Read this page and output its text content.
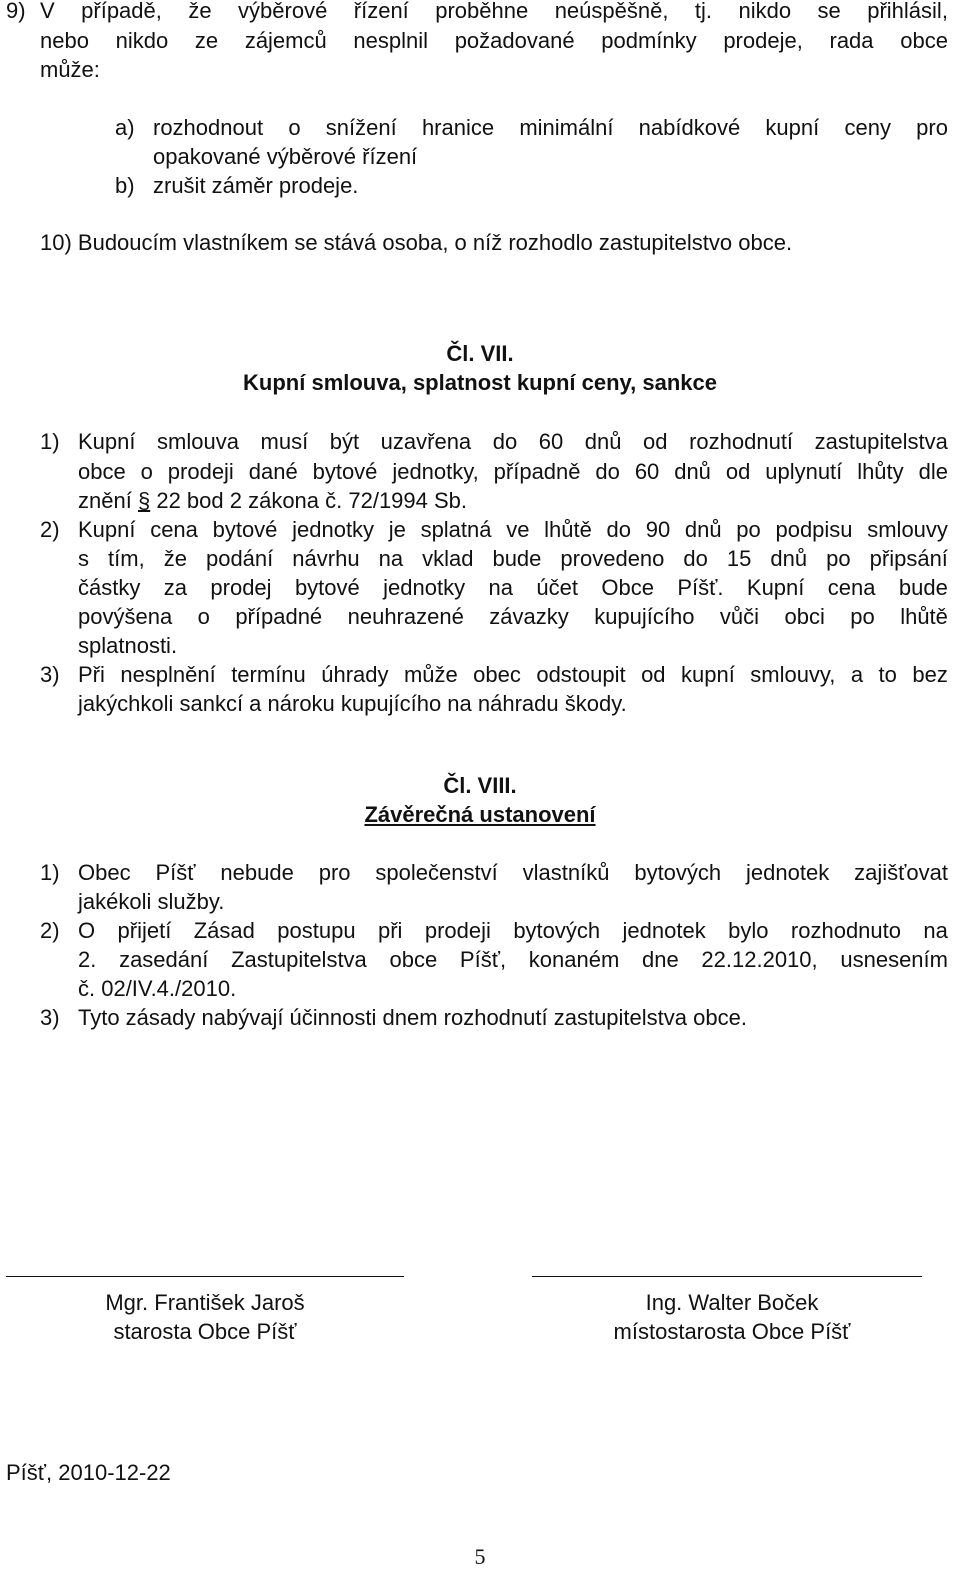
9) V případě, že výběrové řízení proběhne neúspěšně, tj. nikdo se přihlásil,
nebo nikdo ze zájemců nesplnil požadované podmínky prodeje, rada obce
může:
a) rozhodnout o snížení hranice minimální nabídkové kupní ceny pro
opakované výběrové řízení
b) zrušit záměr prodeje.
10) Budoucím vlastníkem se stává osoba, o níž rozhodlo zastupitelstvo obce.
Čl. VII.
Kupní smlouva, splatnost kupní ceny, sankce
1) Kupní smlouva musí být uzavřena do 60 dnů od rozhodnutí zastupitelstva
obce o prodeji dané bytové jednotky, případně do 60 dnů od uplynutí lhůty dle
znění § 22 bod 2 zákona č. 72/1994 Sb.
2) Kupní cena bytové jednotky je splatná ve lhůtě do 90 dnů po podpisu smlouvy
s tím, že podání návrhu na vklad bude provedeno do 15 dnů po připsání
částky za prodej bytové jednotky na účet Obce Píšť. Kupní cena bude
povýšena o případné neuhrazené závazky kupujícího vůči obci po lhůtě
splatnosti.
3) Při nesplnění termínu úhrady může obec odstoupit od kupní smlouvy, a to bez
jakýchkoli sankcí a nároku kupujícího na náhradu škody.
Čl. VIII.
Závěrečná ustanovení
1) Obec Píšť nebude pro společenství vlastníků bytových jednotek zajišťovat
jakékoli služby.
2) O přijetí Zásad postupu při prodeji bytových jednotek bylo rozhodnuto na
2. zasedání Zastupitelstva obce Píšť, konaném dne 22.12.2010, usnesením
č. 02/IV.4./2010.
3) Tyto zásady nabývají účinnosti dnem rozhodnutí zastupitelstva obce.
Mgr. František Jaroš
starosta Obce Píšť
Ing. Walter Boček
místostarosta Obce Píšť
Píšť, 2010-12-22
5
